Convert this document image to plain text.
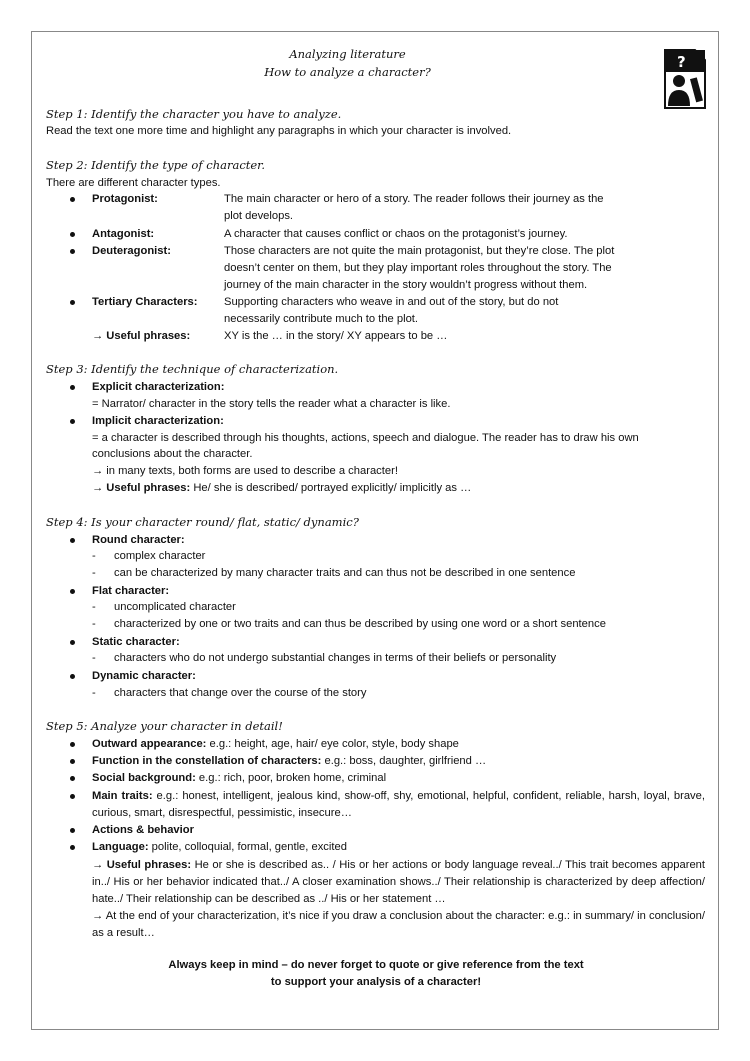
Analyzing literature
How to analyze a character?
?
Step 1: Identify the character you have to analyze.
Read the text one more time and highlight any paragraphs in which your character is involved.
Step 2: Identify the type of character.
There are different character types.
Protagonist:	The main character or hero of a story. The reader follows their journey as the
plot develops.
Antagonist:	A character that causes conflict or chaos on the protagonist’s journey.
Deuteragonist:	Those characters are not quite the main protagonist, but they’re close. The plot
doesn’t center on them, but they play important roles throughout the story. The
journey of the main character in the story wouldn’t progress without them.
Tertiary Characters: Supporting characters who weave in and out of the story, but do not
necessarily contribute much to the plot.
→ Useful phrases:	XY is the … in the story/ XY appears to be …
Step 3: Identify the technique of characterization.
Explicit characterization:
= Narrator/ character in the story tells the reader what a character is like.
Implicit characterization:
= a character is described through his thoughts, actions, speech and dialogue. The reader has to draw his own
conclusions about the character.
→ in many texts, both forms are used to describe a character!
→ Useful phrases: He/ she is described/ portrayed explicitly/ implicitly as …
Step 4: Is your character round/ flat, static/ dynamic?
Round character:
- complex character
- can be characterized by many character traits and can thus not be described in one sentence
Flat character:
- uncomplicated character
- characterized by one or two traits and can thus be described by using one word or a short sentence
Static character:
- characters who do not undergo substantial changes in terms of their beliefs or personality
Dynamic character:
- characters that change over the course of the story
Step 5: Analyze your character in detail!
Outward appearance: e.g.: height, age, hair/ eye color, style, body shape
Function in the constellation of characters: e.g.: boss, daughter, girlfriend …
Social background: e.g.: rich, poor, broken home, criminal
Main traits: e.g.: honest, intelligent, jealous kind, show-off, shy, emotional, helpful, confident, reliable, harsh, loyal, brave, curious, smart, disrespectful, pessimistic, insecure…
Actions & behavior
Language: polite, colloquial, formal, gentle, excited
→ Useful phrases: He or she is described as.. / His or her actions or body language reveal../ This trait becomes apparent in../ His or her behavior indicated that../ A closer examination shows../ Their relationship is characterized by deep affection/ hate../ Their relationship can be described as ../ His or her statement …
→ At the end of your characterization, it’s nice if you draw a conclusion about the character: e.g.: in summary/ in conclusion/ as a result…
Always keep in mind – do never forget to quote or give reference from the text
to support your analysis of a character!
